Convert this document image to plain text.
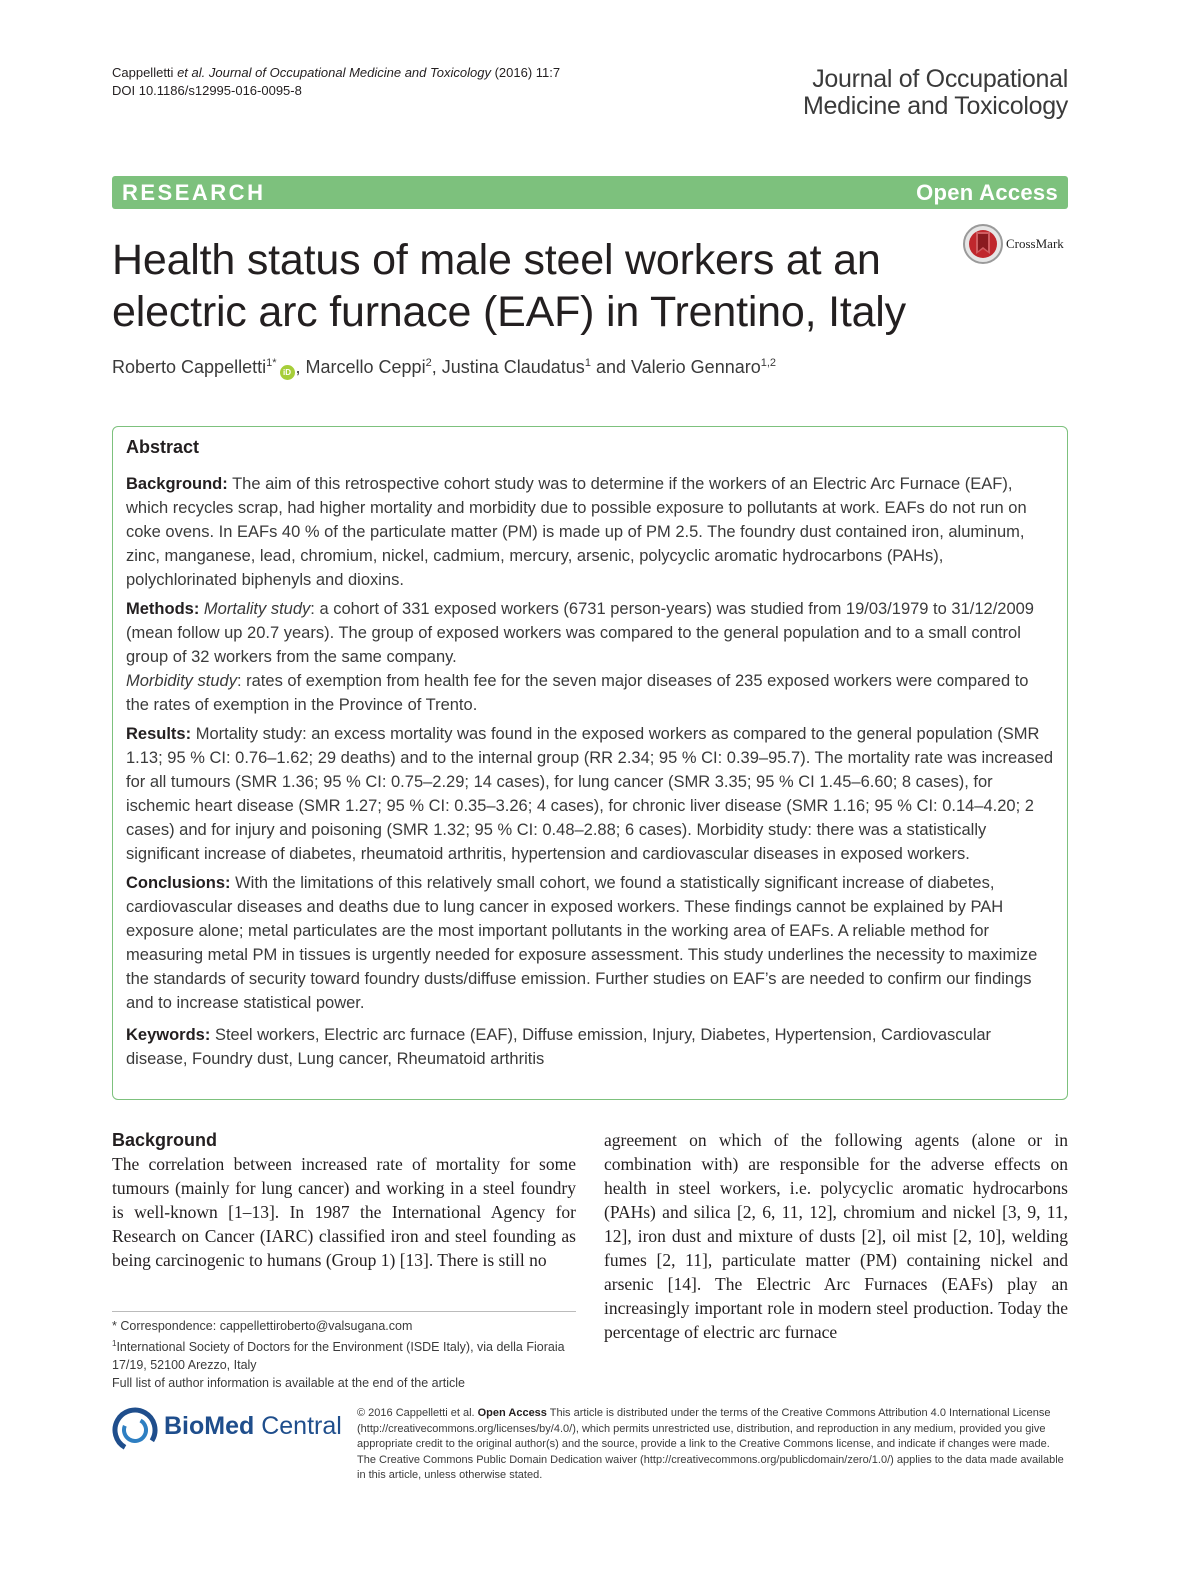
Cappelletti et al. Journal of Occupational Medicine and Toxicology (2016) 11:7
DOI 10.1186/s12995-016-0095-8	Journal of Occupational
Medicine and Toxicology
RESEARCH	Open Access
CrossMark
Health status of male steel workers at an electric arc furnace (EAF) in Trentino, Italy
Roberto Cappelletti$^{1*}$iD , Marcello Ceppi$^2$, Justina Claudatus$^1$ and Valerio Gennaro$^{1,2}$
Abstract

Background: The aim of this retrospective cohort study was to determine if the workers of an Electric Arc Furnace (EAF), which recycles scrap, had higher mortality and morbidity due to possible exposure to pollutants at work. EAFs do not run on coke ovens. In EAFs 40 % of the particulate matter (PM) is made up of PM 2.5. The foundry dust contained iron, aluminum, zinc, manganese, lead, chromium, nickel, cadmium, mercury, arsenic, polycyclic aromatic hydrocarbons (PAHs), polychlorinated biphenyls and dioxins.

Methods: Mortality study: a cohort of 331 exposed workers (6731 person-years) was studied from 19/03/1979 to 31/12/2009 (mean follow up 20.7 years). The group of exposed workers was compared to the general population and to a small control group of 32 workers from the same company.
Morbidity study: rates of exemption from health fee for the seven major diseases of 235 exposed workers were compared to the rates of exemption in the Province of Trento.

Results: Mortality study: an excess mortality was found in the exposed workers as compared to the general population (SMR 1.13; 95 % CI: 0.76–1.62; 29 deaths) and to the internal group (RR 2.34; 95 % CI: 0.39–95.7). The mortality rate was increased for all tumours (SMR 1.36; 95 % CI: 0.75–2.29; 14 cases), for lung cancer (SMR 3.35; 95 % CI 1.45–6.60; 8 cases), for ischemic heart disease (SMR 1.27; 95 % CI: 0.35–3.26; 4 cases), for chronic liver disease (SMR 1.16; 95 % CI: 0.14–4.20; 2 cases) and for injury and poisoning (SMR 1.32; 95 % CI: 0.48–2.88; 6 cases). Morbidity study: there was a statistically significant increase of diabetes, rheumatoid arthritis, hypertension and cardiovascular diseases in exposed workers.

Conclusions: With the limitations of this relatively small cohort, we found a statistically significant increase of diabetes, cardiovascular diseases and deaths due to lung cancer in exposed workers. These findings cannot be explained by PAH exposure alone; metal particulates are the most important pollutants in the working area of EAFs. A reliable method for measuring metal PM in tissues is urgently needed for exposure assessment. This study underlines the necessity to maximize the standards of security toward foundry dusts/diffuse emission. Further studies on EAF’s are needed to confirm our findings and to increase statistical power.

Keywords: Steel workers, Electric arc furnace (EAF), Diffuse emission, Injury, Diabetes, Hypertension, Cardiovascular disease, Foundry dust, Lung cancer, Rheumatoid arthritis

Background

The correlation between increased rate of mortality for some tumours (mainly for lung cancer) and working in a steel foundry is well-known [1–13]. In 1987 the International Agency for Research on Cancer (IARC) classified iron and steel founding as being carcinogenic to humans (Group 1) [13]. There is still no

agreement on which of the following agents (alone or in combination with) are responsible for the adverse effects on health in steel workers, i.e. polycyclic aromatic hydrocarbons (PAHs) and silica [2, 6, 11, 12], chromium and nickel [3, 9, 11, 12], iron dust and mixture of dusts [2], oil mist [2, 10], welding fumes [2, 11], particulate matter (PM) containing nickel and arsenic [14]. The Electric Arc Furnaces (EAFs) play an increasingly important role in modern steel production. Today the percentage of electric arc furnace

* Correspondence: cappellettiroberto@valsugana.com
$^1$International Society of Doctors for the Environment (ISDE Italy), via della Fioraia 17/19, 52100 Arezzo, Italy
Full list of author information is available at the end of the article
BioMed Central © 2016 Cappelletti et al. Open Access This article is distributed under the terms of the Creative Commons Attribution 4.0 International License (http://creativecommons.org/licenses/by/4.0/), which permits unrestricted use, distribution, and reproduction in any medium, provided you give appropriate credit to the original author(s) and the source, provide a link to the Creative Commons license, and indicate if changes were made. The Creative Commons Public Domain Dedication waiver (http://creativecommons.org/publicdomain/zero/1.0/) applies to the data made available in this article, unless otherwise stated.
